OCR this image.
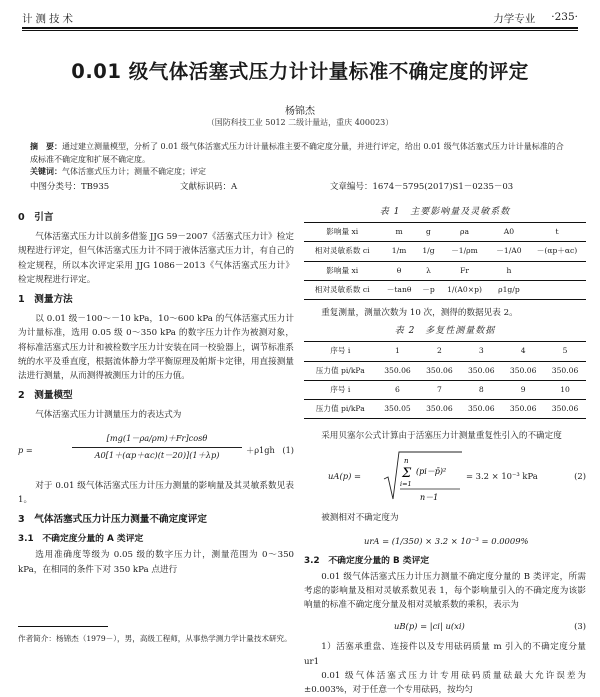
计测技术	力学专业 ·235·
0.01 级气体活塞式压力计计量标准不确定度的评定
杨锦杰
（国防科技工业 5012 二级计量站，重庆 400023）
摘　要：通过建立测量模型，分析了 0.01 级气体活塞式压力计计量标准主要不确定度分量，并进行评定，给出 0.01 级气体活塞式压力计计量标准的合成标准不确定度和扩展不确定度。
关键词：气体活塞式压力计；测量不确定度；评定
中图分类号：TB935	文献标识码：A	文章编号：1674－5795(2017)S1－0235－03
0　引言

气体活塞式压力计以前多借鉴 JJG 59－2007《活塞式压力计》检定规程进行评定，但气体活塞式压力计不同于液体活塞式压力计，有自己的检定规程，所以本次评定采用 JJG 1086－2013《气体活塞式压力计》检定规程进行评定。

1　测量方法

以 0.01 级－100～－10 kPa，10～600 kPa 的气体活塞式压力计为计量标准，选用 0.05 级 0～350 kPa 的数字压力计作为被测对象，将标准活塞式压力计和被检数字压力计安装在同一校验器上，调节标准系统的水平及垂直度，根据流体静力学平衡原理及帕斯卡定律，用直接测量法进行测量，从而测得被测压力计的压力值。

2　测量模型

气体活塞式压力计测量压力的表达式为

p =	$\frac{[mg(1-\rho a/\rho m)+Fr]\cos\theta}{A0[1+(\alpha p+\alpha c)(t-20)](1+\lambda p)} +\rho 1gh$ (1)

对于 0.01 级气体活塞式压力计压力测量的影响量及其灵敏系数见表 1。

3　气体活塞式压力计压力测量不确定度评定
3.1　不确定度分量的 A 类评定

选用准确度等级为 0.05 级的数字压力计，测量范围为 0～350 kPa，在相同的条件下对 350 kPa 点进行

表 1　主要影响量及灵敏系数
影响量 xi	m	g	ρa	A0	t
相对灵敏系数 ci	1/m	1/g	－1/ρm	－1/A0	－(αp＋αc)
影响量 xi	θ	λ	Fr	h	
相对灵敏系数 ci	－tanθ	－p	1/(A0×p)	ρ1g/p	

重复测量，测量次数为 10 次，测得的数据见表 2。

表 2　多复性测量数据
序号 i	1	2	3	4	5
压力值 pi/kPa	350.06	350.06	350.06	350.06	350.06
序号 i	6	7	8	9	10
压力值 pi/kPa	350.05	350.06	350.06	350.06	350.06

采用贝塞尔公式计算由于活塞压力计测量重复性引入的不确定度

uA(p) =
n
Σ
i=1
(pi－p̄)²
n－1
= 3.2 × 10⁻³ kPa	(2)

被测相对不确定度为

urA = (1/350) × 3.2 × 10⁻³ = 0.0009%
3.2　不确定度分量的 B 类评定

0.01 级气体活塞式压力计压力测量不确定度分量的 B 类评定，所需考虑的影响量及相对灵敏系数见表 1，每个影响量引入的不确定度为该影响量的标准不确定度分量及相对灵敏系数的乘积，表示为

uB(p) = |ci| u(xi)	(3)

1）活塞承重盘、连接件以及专用砝码质量 m 引入的不确定度分量 ur1

0.01 级气体活塞式压力计专用砝码质量砝最大允许误差为 ±0.003%，对于任意一个专用砝码，按均匀

作者简介：杨锦杰（1979－），男，高级工程师，从事热学测力学计量技术研究。
